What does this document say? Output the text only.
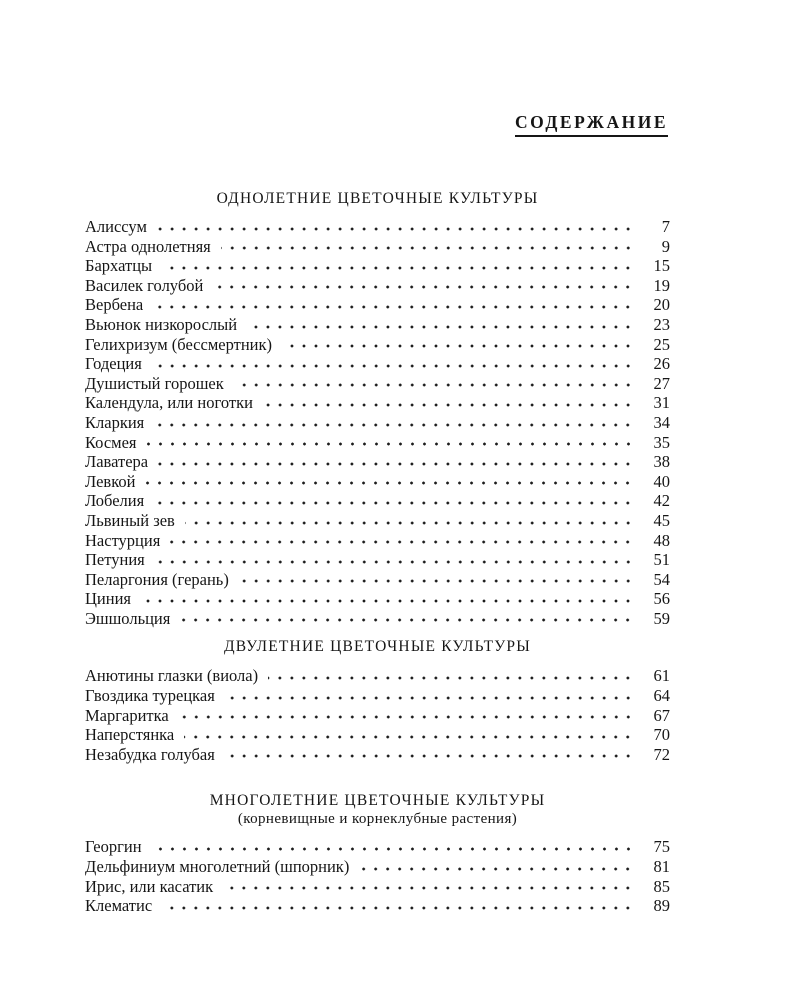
СОДЕРЖАНИЕ
ОДНОЛЕТНИЕ ЦВЕТОЧНЫЕ КУЛЬТУРЫ
Алиссум	7
Астра однолетняя	9
Бархатцы	15
Василек голубой	19
Вербена	20
Вьюнок низкорослый	23
Гелихризум (бессмертник)	25
Годеция	26
Душистый горошек	27
Календула, или ноготки	31
Кларкия	34
Космея	35
Лаватера	38
Левкой	40
Лобелия	42
Львиный зев	45
Настурция	48
Петуния	51
Пеларгония (герань)	54
Циния	56
Эшшольция	59
ДВУЛЕТНИЕ ЦВЕТОЧНЫЕ КУЛЬТУРЫ
Анютины глазки (виола)	61
Гвоздика турецкая	64
Маргаритка	67
Наперстянка	70
Незабудка голубая	72
МНОГОЛЕТНИЕ ЦВЕТОЧНЫЕ КУЛЬТУРЫ
(корневищные и корнеклубные растения)
Георгин	75
Дельфиниум многолетний (шпорник)	81
Ирис, или касатик	85
Клематис	89
